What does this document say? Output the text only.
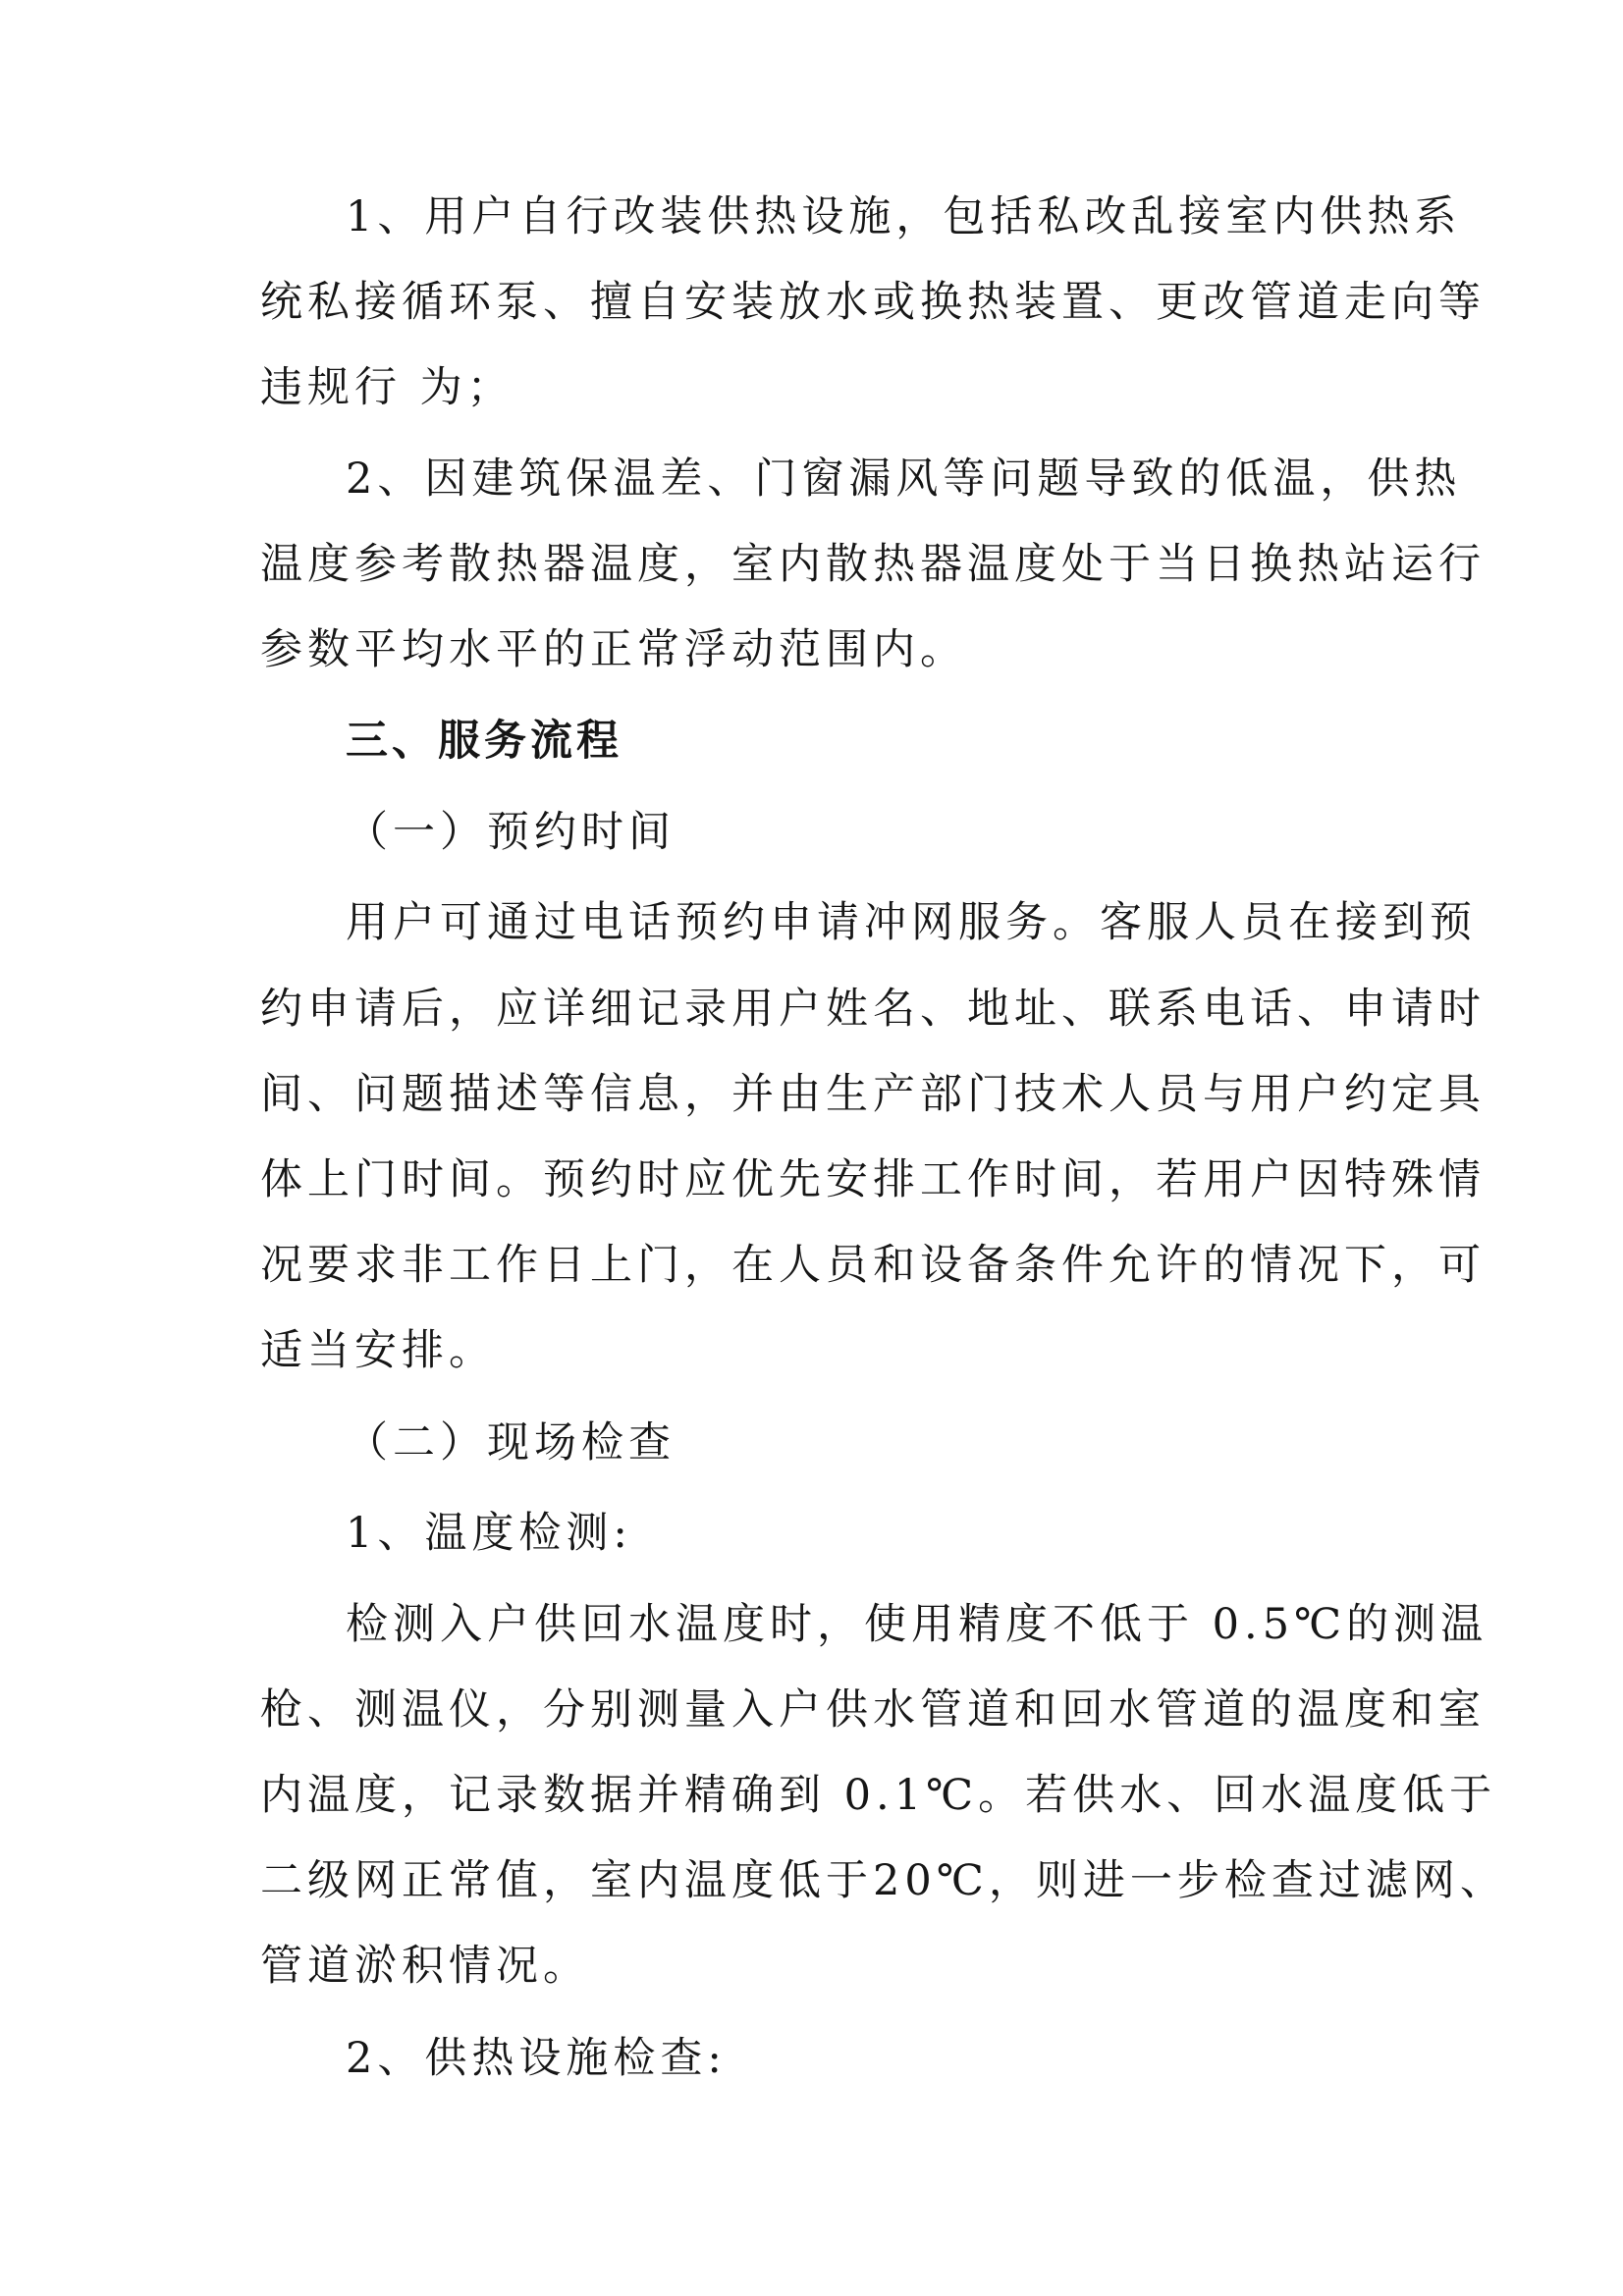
1、用户自行改装供热设施，包括私改乱接室内供热系

统私接循环泵、擅自安装放水或换热装置、更改管道走向等

违规行 为；

2、因建筑保温差、门窗漏风等问题导致的低温，供热

温度参考散热器温度，室内散热器温度处于当日换热站运行

参数平均水平的正常浮动范围内。

三、服务流程

（一）预约时间

用户可通过电话预约申请冲网服务。客服人员在接到预

约申请后，应详细记录用户姓名、地址、联系电话、申请时

间、问题描述等信息，并由生产部门技术人员与用户约定具

体上门时间。预约时应优先安排工作时间，若用户因特殊情

况要求非工作日上门，在人员和设备条件允许的情况下，可

适当安排。

（二）现场检查

1、温度检测:

检测入户供回水温度时，使用精度不低于 0.5℃的测温

枪、测温仪，分别测量入户供水管道和回水管道的温度和室

内温度，记录数据并精确到 0.1℃。若供水、回水温度低于

二级网正常值，室内温度低于20℃，则进一步检查过滤网、

管道淤积情况。

2、供热设施检查:
